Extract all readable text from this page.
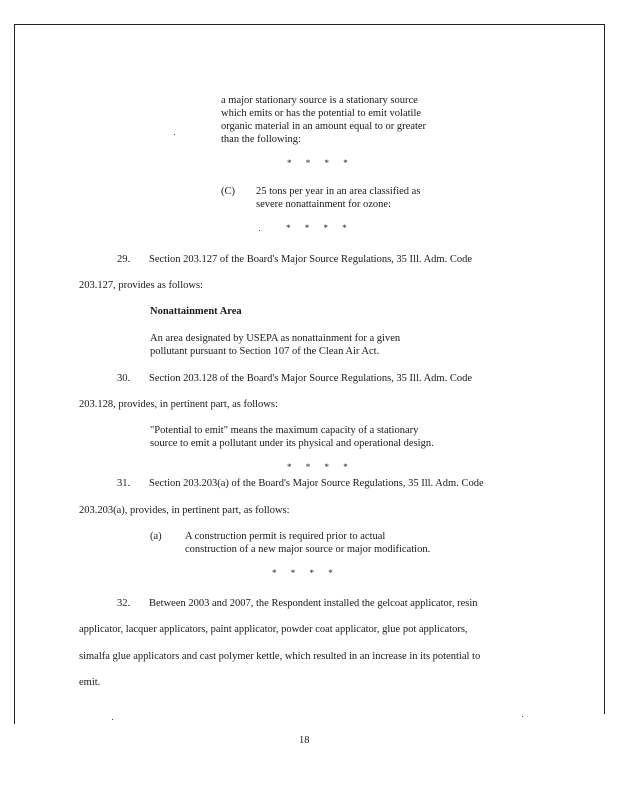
a major stationary source is a stationary source
which emits or has the potential to emit volatile
organic material in an amount equal to or greater
than the following:
* * * *
(C) 25 tons per year in an area classified as
severe nonattainment for ozone:
* * * *
29. Section 203.127 of the Board's Major Source Regulations, 35 Ill. Adm. Code
203.127, provides as follows:
Nonattainment Area
An area designated by USEPA as nonattainment for a given
pollutant pursuant to Section 107 of the Clean Air Act.
30. Section 203.128 of the Board's Major Source Regulations, 35 Ill. Adm. Code
203.128, provides, in pertinent part, as follows:
"Potential to emit" means the maximum capacity of a stationary
source to emit a pollutant under its physical and operational design.
* * * *
31. Section 203.203(a) of the Board's Major Source Regulations, 35 Ill. Adm. Code
203.203(a), provides, in pertinent part, as follows:
(a) A construction permit is required prior to actual
construction of a new major source or major modification.
* * * *
32. Between 2003 and 2007, the Respondent installed the gelcoat applicator, resin
applicator, lacquer applicators, paint applicator, powder coat applicator, glue pot applicators,
simalfa glue applicators and cast polymer kettle, which resulted in an increase in its potential to
emit.
18
